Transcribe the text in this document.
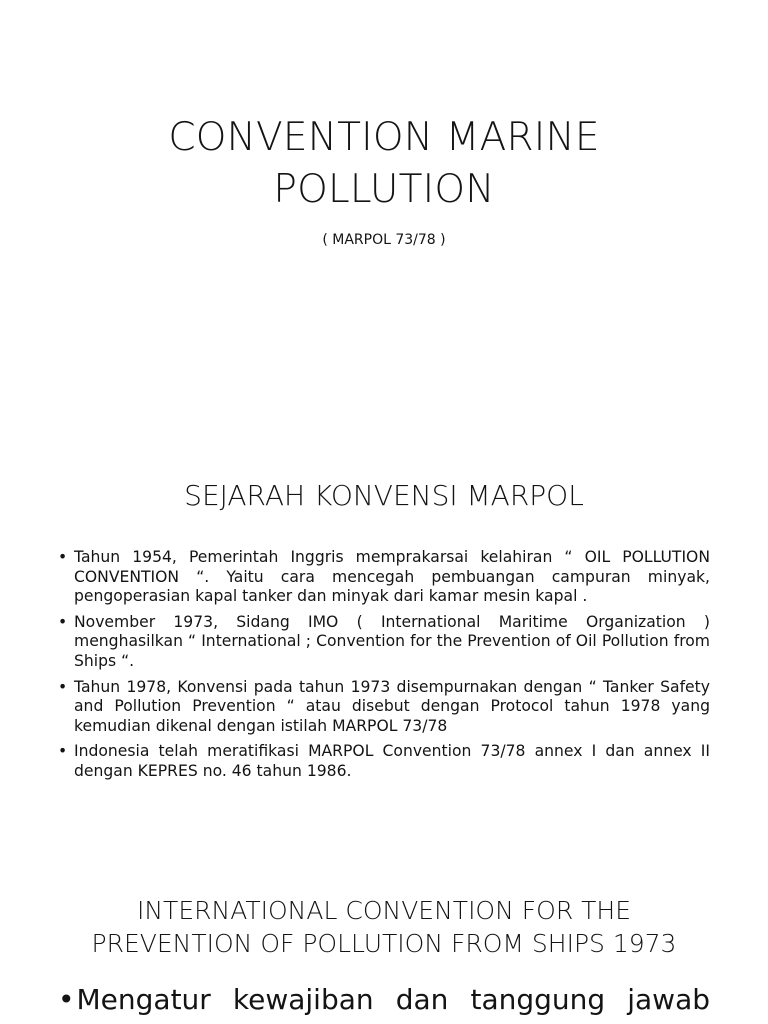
CONVENTION MARINE
POLLUTION
( MARPOL 73/78 )
SEJARAH KONVENSI MARPOL
• Tahun 1954, Pemerintah Inggris memprakarsai kelahiran “ OIL POLLUTION CONVENTION “. Yaitu cara mencegah pembuangan campuran minyak, pengoperasian kapal tanker dan minyak dari kamar mesin kapal .
• November 1973, Sidang IMO ( International Maritime Organization ) menghasilkan “ International ; Convention for the Prevention of Oil Pollution from Ships “.
• Tahun 1978, Konvensi pada tahun 1973 disempurnakan dengan “ Tanker Safety and Pollution Prevention “ atau disebut dengan Protocol tahun 1978 yang kemudian dikenal dengan istilah MARPOL 73/78
• Indonesia telah meratifikasi MARPOL Convention 73/78 annex I dan annex II dengan KEPRES no. 46 tahun 1986.
INTERNATIONAL CONVENTION FOR THE
PREVENTION OF POLLUTION FROM SHIPS 1973
•Mengatur kewajiban dan tanggung jawab
